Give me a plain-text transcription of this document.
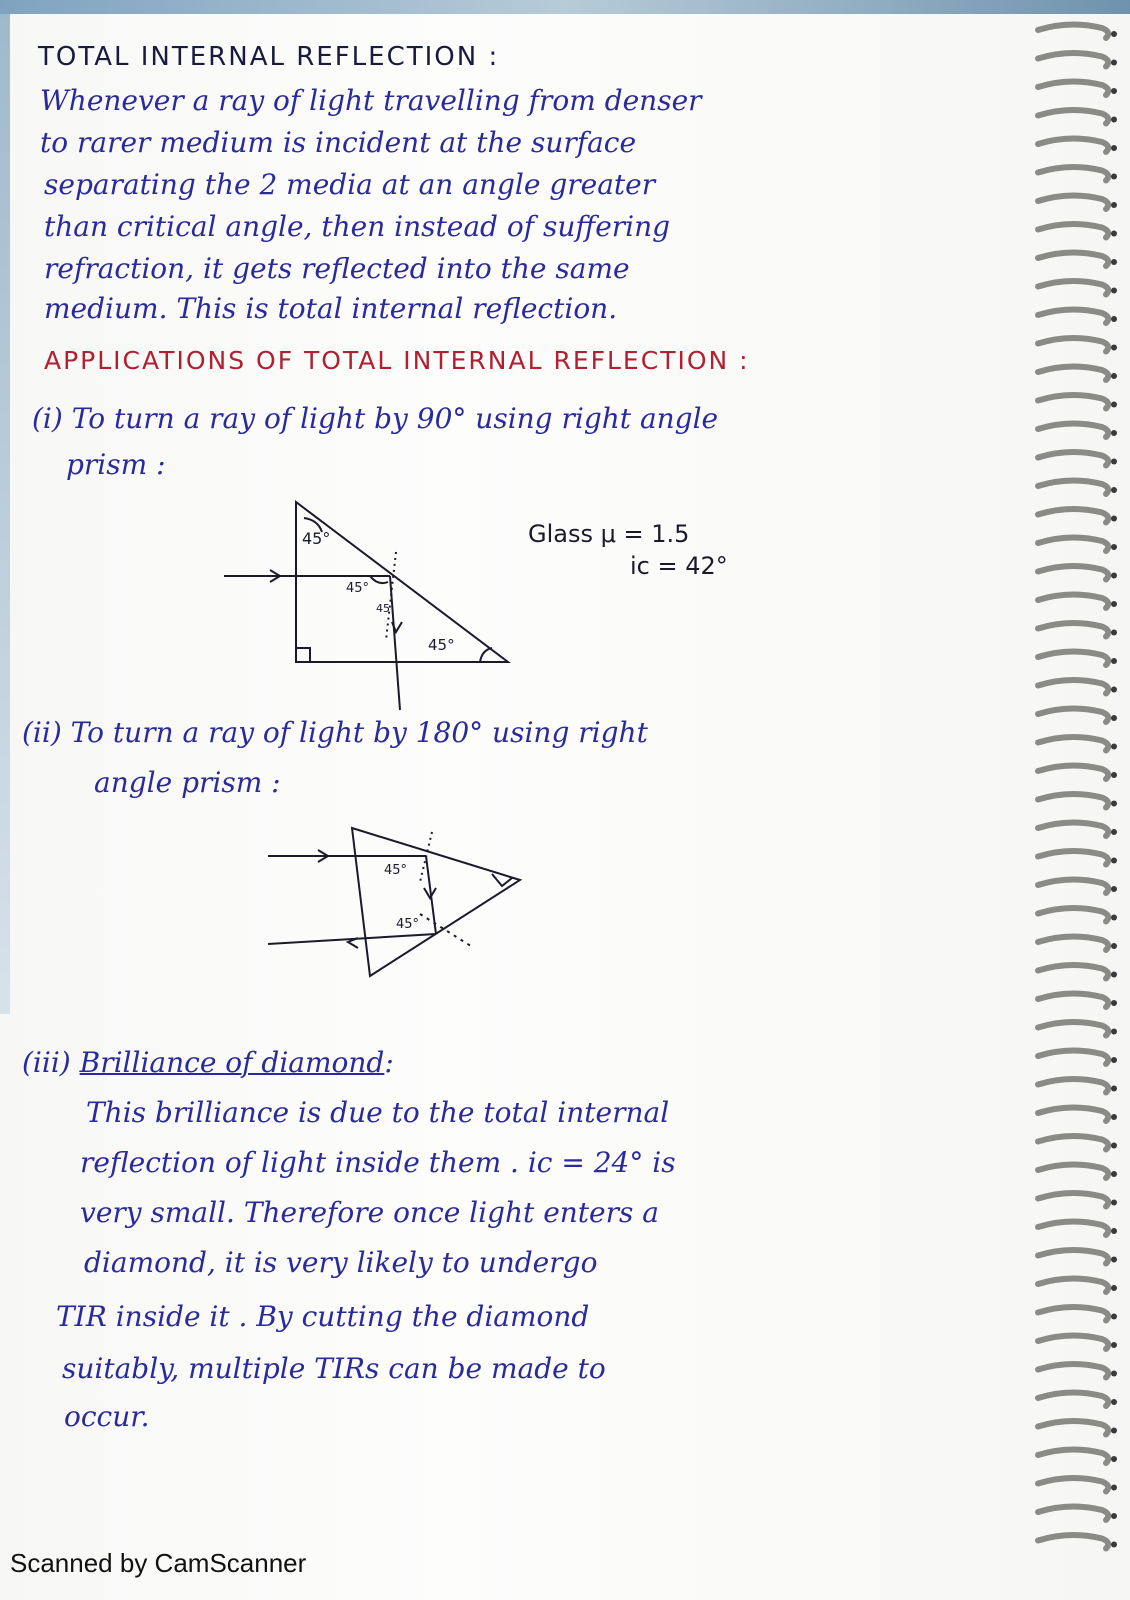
TOTAL INTERNAL REFLECTION :
Whenever a ray of light travelling from denser
to rarer medium is incident at the surface
separating the 2 media at an angle greater
than critical angle, then instead of suffering
refraction, it gets reflected into the same
medium. This is total internal reflection.
APPLICATIONS OF TOTAL INTERNAL REFLECTION :
(i) To turn a ray of light by 90° using right angle
prism :
45°
45°
45
45°
Glass μ = 1.5
ic = 42°
(ii) To turn a ray of light by 180° using right
angle prism :
45°
45°
(iii) Brilliance of diamond:
This brilliance is due to the total internal
reflection of light inside them . ic = 24° is
very small. Therefore once light enters a
diamond, it is very likely to undergo
TIR inside it . By cutting the diamond
suitably, multiple TIRs can be made to
occur.
Scanned by CamScanner
